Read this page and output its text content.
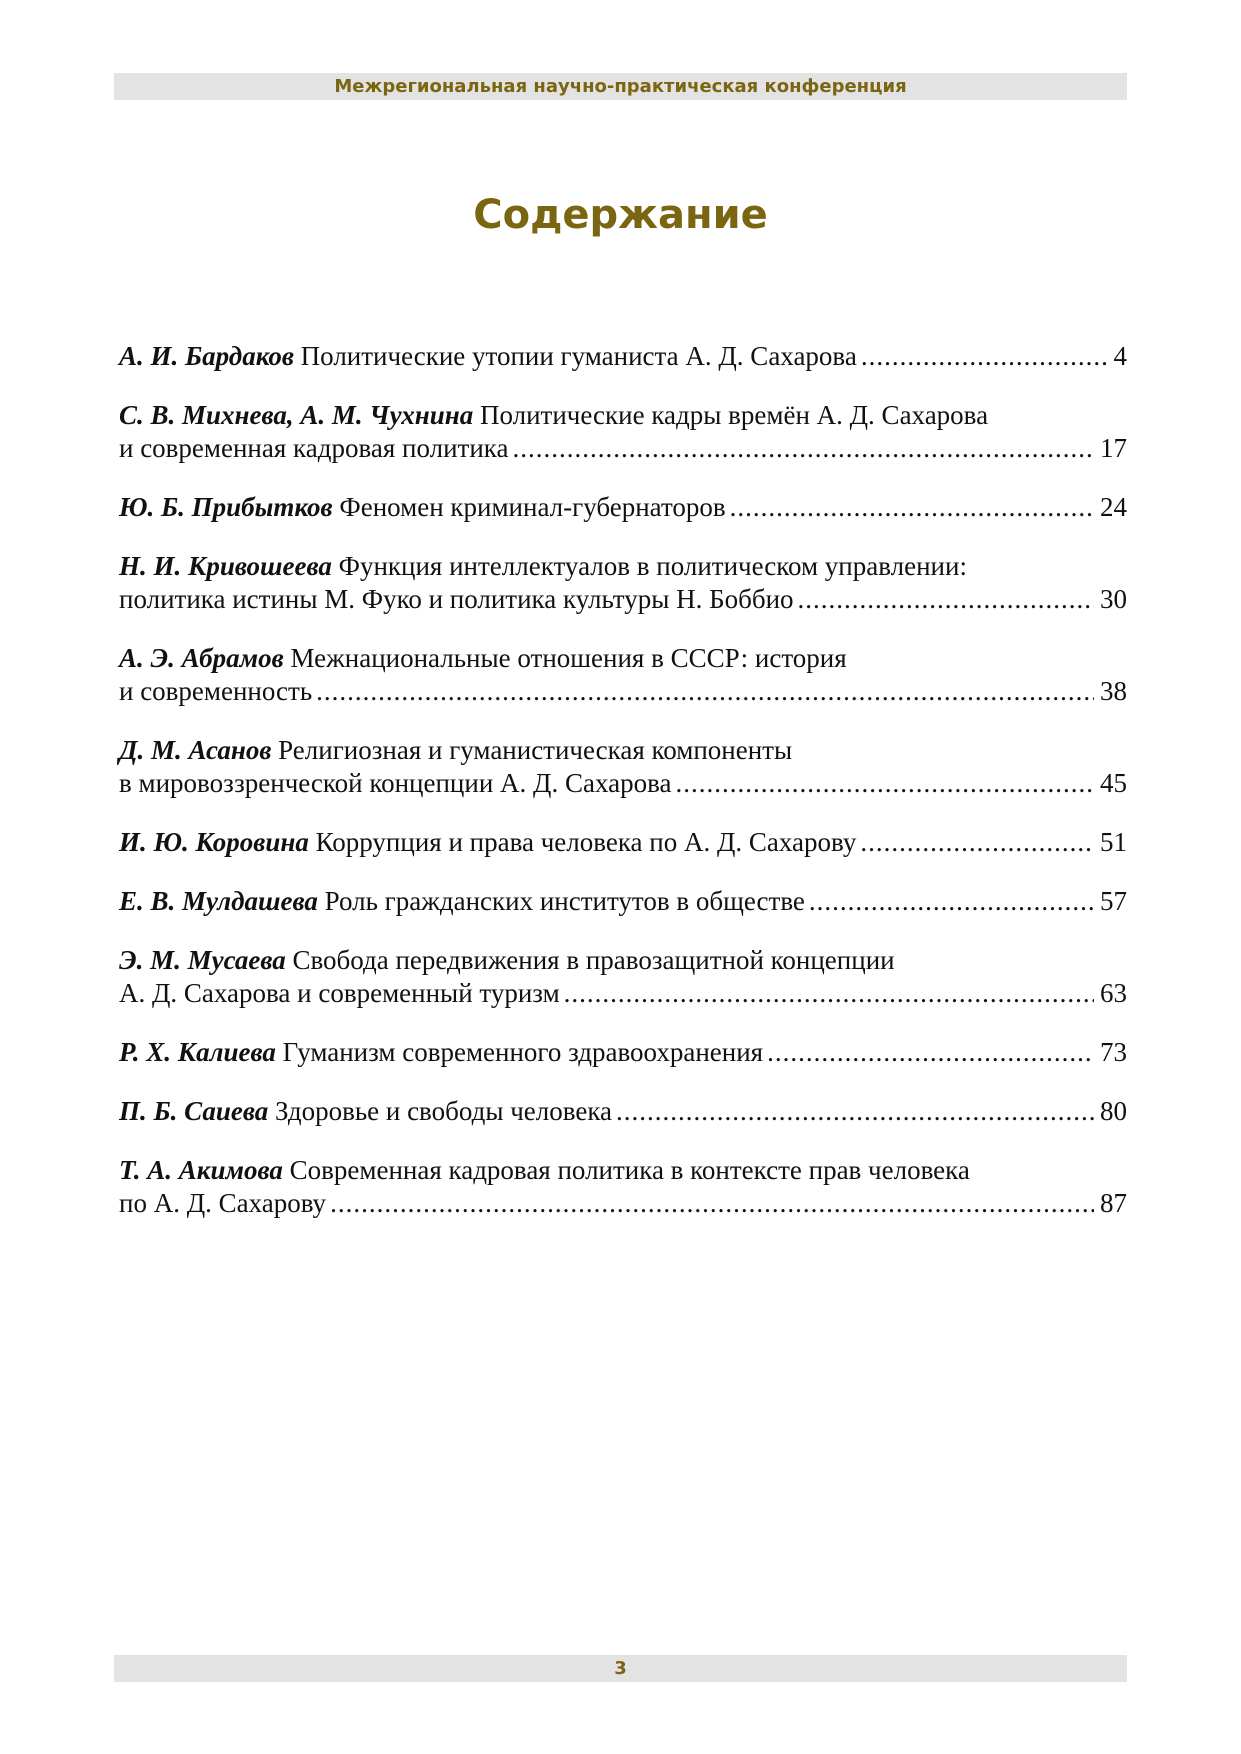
Межрегиональная научно-практическая конференция
Содержание
А. И. Бардаков Политические утопии гуманиста А. Д. Сахарова .....	4
С. В. Михнева, А. М. Чухнина Политические кадры времён А. Д. Сахарова
и современная кадровая политика .....	17
Ю. Б. Прибытков Феномен криминал-губернаторов .....	24
Н. И. Кривошеева Функция интеллектуалов в политическом управлении:
политика истины М. Фуко и политика культуры Н. Боббио .....	30
А. Э. Абрамов Межнациональные отношения в СССР: история
и современность .....	38
Д. М. Асанов Религиозная и гуманистическая компоненты
в мировоззренческой концепции А. Д. Сахарова .....	45
И. Ю. Коровина Коррупция и права человека по А. Д. Сахарову .....	51
Е. В. Мулдашева Роль гражданских институтов в обществе .....	57
Э. М. Мусаева Свобода передвижения в правозащитной концепции
А. Д. Сахарова и современный туризм .....	63
Р. Х. Калиева Гуманизм современного здравоохранения .....	73
П. Б. Саиева Здоровье и свободы человека .....	80
Т. А. Акимова Современная кадровая политика в контексте прав человека
по А. Д. Сахарову .....	87
3
